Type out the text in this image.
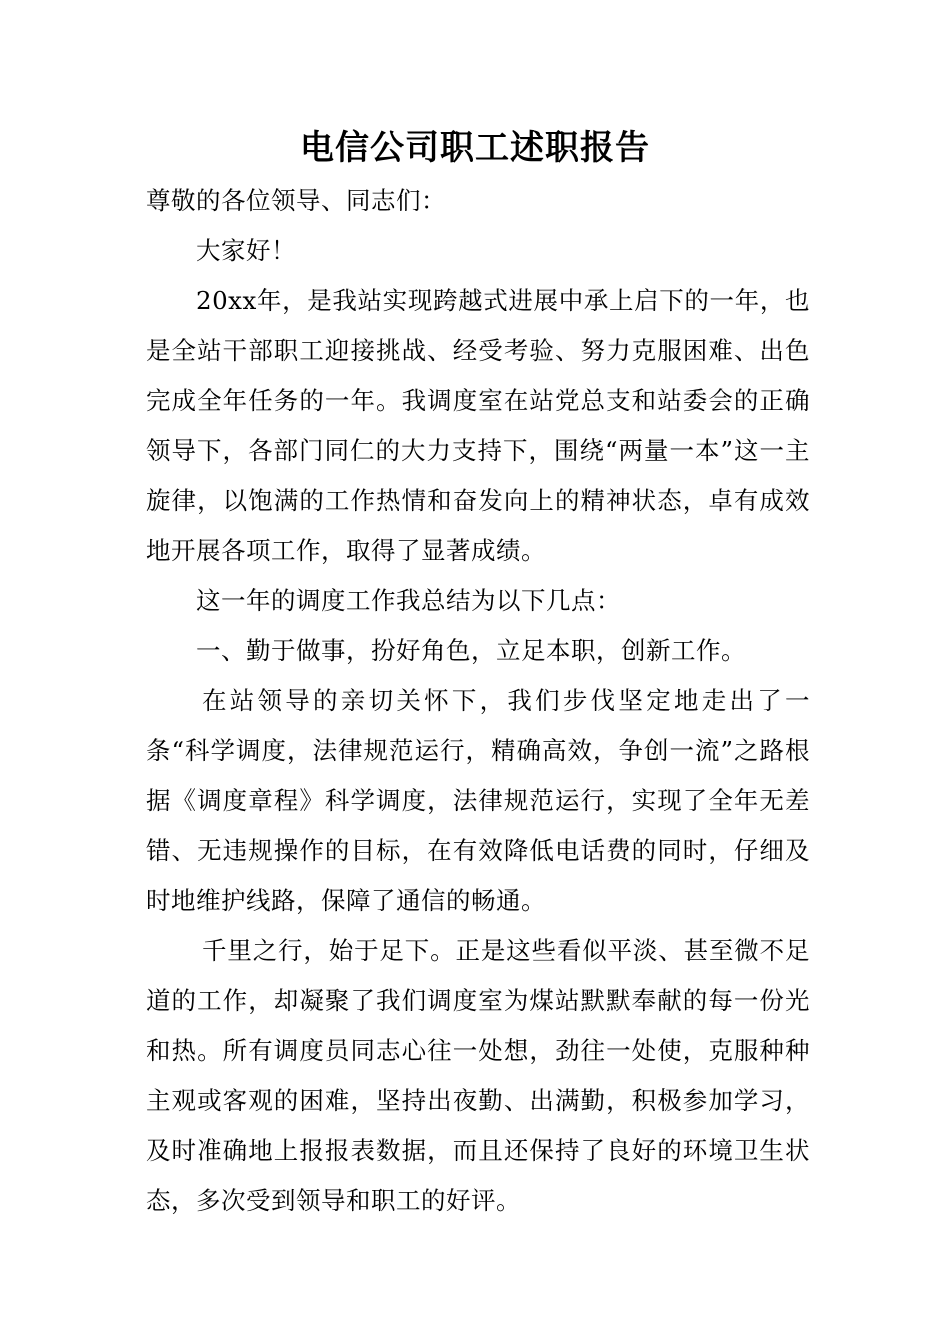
电信公司职工述职报告

尊敬的各位领导、同志们：

大家好！

20xx年，是我站实现跨越式进展中承上启下的一年，也是全站干部职工迎接挑战、经受考验、努力克服困难、出色完成全年任务的一年。我调度室在站党总支和站委会的正确领导下，各部门同仁的大力支持下，围绕“两量一本”这一主旋律，以饱满的工作热情和奋发向上的精神状态，卓有成效地开展各项工作，取得了显著成绩。

这一年的调度工作我总结为以下几点：

一、勤于做事，扮好角色，立足本职，创新工作。

在站领导的亲切关怀下，我们步伐坚定地走出了一条“科学调度，法律规范运行，精确高效，争创一流”之路根据《调度章程》科学调度，法律规范运行，实现了全年无差错、无违规操作的目标，在有效降低电话费的同时，仔细及时地维护线路，保障了通信的畅通。

千里之行，始于足下。正是这些看似平淡、甚至微不足道的工作，却凝聚了我们调度室为煤站默默奉献的每一份光和热。所有调度员同志心往一处想，劲往一处使，克服种种主观或客观的困难，坚持出夜勤、出满勤，积极参加学习，及时准确地上报报表数据，而且还保持了良好的环境卫生状态，多次受到领导和职工的好评。
